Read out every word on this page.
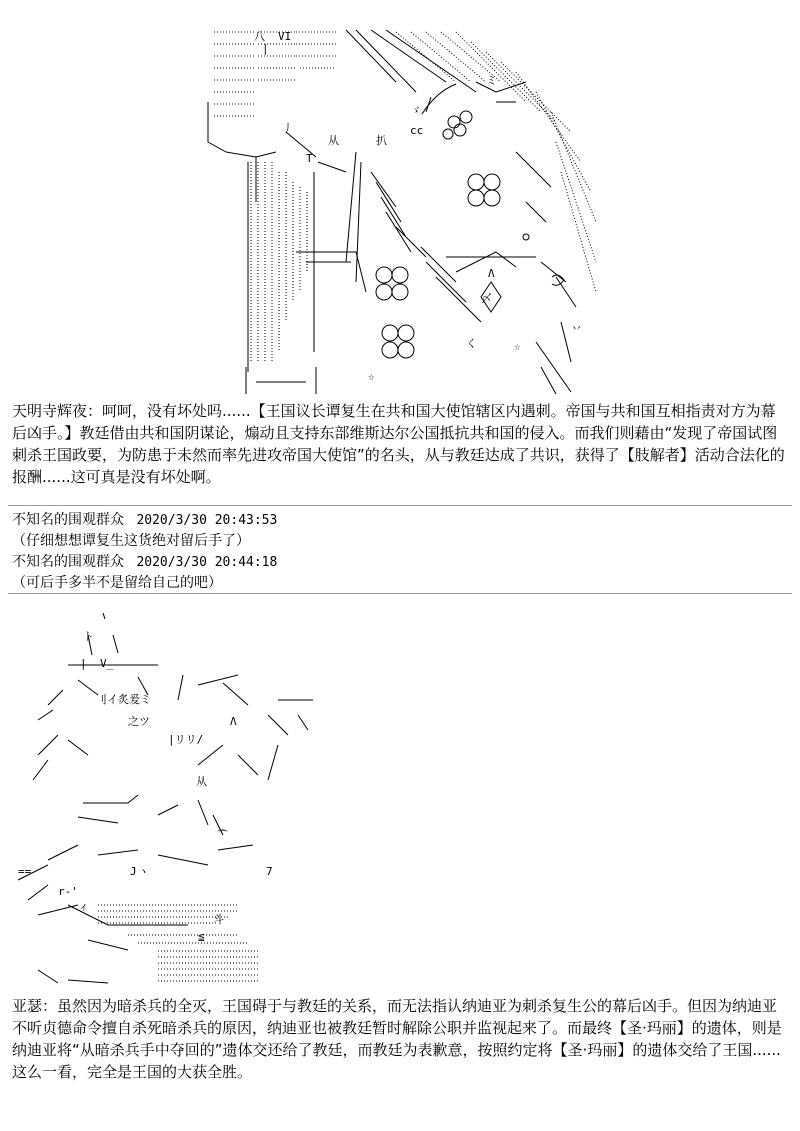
八 VI
|
ゞ
cc
丿
T
从	扒
Λ
〆
ミ
く
丷
☆
☆

天明寺辉夜：呵呵，没有坏处吗......【王国议长谭复生在共和国大使馆辖区内遇刺。帝国与共和国互相指责对方为幕后凶手。】教廷借由共和国阴谋论，煽动且支持东部维斯达尔公国抵抗共和国的侵入。而我们则藉由“发现了帝国试图刺杀王国政要，为防患于未然而率先进攻帝国大使馆”的名头，从与教廷达成了共识，获得了【肢解者】活动合法化的报酬......这可真是没有坏处啊。

不知名的围观群众 2020/3/30 20:43:53
（仔细想想谭复生这货绝对留后手了）
不知名的围观群众 2020/3/30 20:44:18
（可后手多半不是留给自己的吧）
ト
V_
|
刂イ炙爰ミ
之ツ
从
Λ
|リリ/
ヽ
r-'
ィ
J
斗
≦
==
⁀
7

亚瑟：虽然因为暗杀兵的全灭，王国碍于与教廷的关系，而无法指认纳迪亚为刺杀复生公的幕后凶手。但因为纳迪亚不听贞德命令擅自杀死暗杀兵的原因，纳迪亚也被教廷暂时解除公职并监视起来了。而最终【圣·玛丽】的遗体，则是纳迪亚将“从暗杀兵手中夺回的”遗体交还给了教廷，而教廷为表歉意，按照约定将【圣·玛丽】的遗体交给了王国......这么一看，完全是王国的大获全胜。
